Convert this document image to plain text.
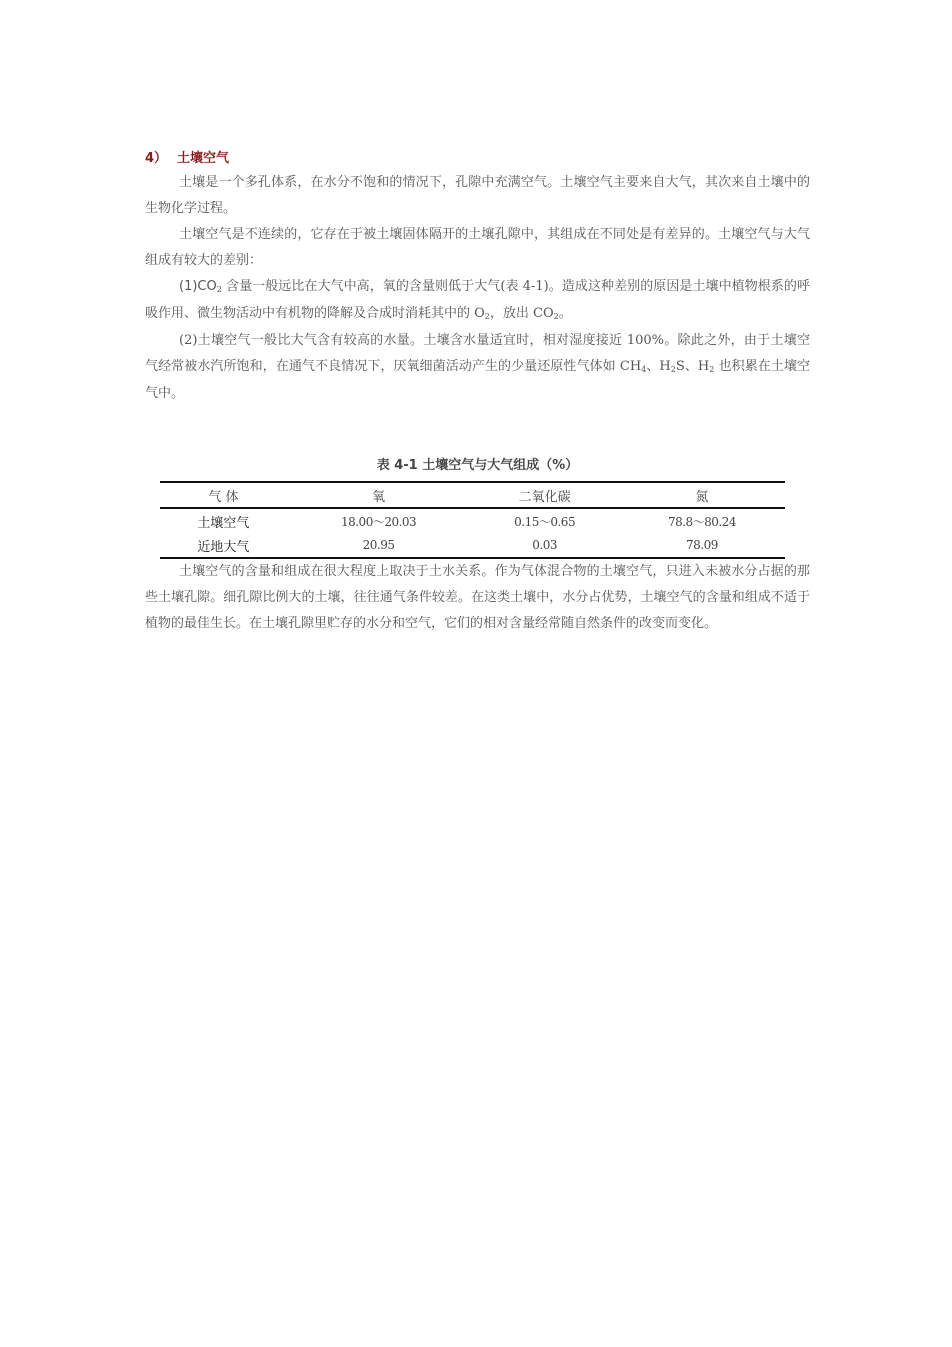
4） 土壤空气

土壤是一个多孔体系，在水分不饱和的情况下，孔隙中充满空气。土壤空气主要来自大气，其次来自土壤中的生物化学过程。

土壤空气是不连续的，它存在于被土壤固体隔开的土壤孔隙中，其组成在不同处是有差异的。土壤空气与大气组成有较大的差别：

$(1)CO_2$ 含量一般远比在大气中高，氧的含量则低于大气(表 4-1)。造成这种差别的原因是土壤中植物根系的呼吸作用、微生物活动中有机物的降解及合成时消耗其中的 $O_2$，放出 $CO_2$。

(2)土壤空气一般比大气含有较高的水量。土壤含水量适宜时，相对湿度接近 100%。除此之外，由于土壤空气经常被水汽所饱和，在通气不良情况下，厌氧细菌活动产生的少量还原性气体如 $CH_4$、$H_2S$、$H_2$ 也积累在土壤空气中。

表 4-1 土壤空气与大气组成（%）
气 体	氧	二氧化碳	氮
土壤空气	18.00～20.03	0.15～0.65	78.8～80.24
近地大气	20.95	0.03	78.09

土壤空气的含量和组成在很大程度上取决于土水关系。作为气体混合物的土壤空气，只进入未被水分占据的那些土壤孔隙。细孔隙比例大的土壤，往往通气条件较差。在这类土壤中，水分占优势，土壤空气的含量和组成不适于植物的最佳生长。在土壤孔隙里贮存的水分和空气，它们的相对含量经常随自然条件的改变而变化。
